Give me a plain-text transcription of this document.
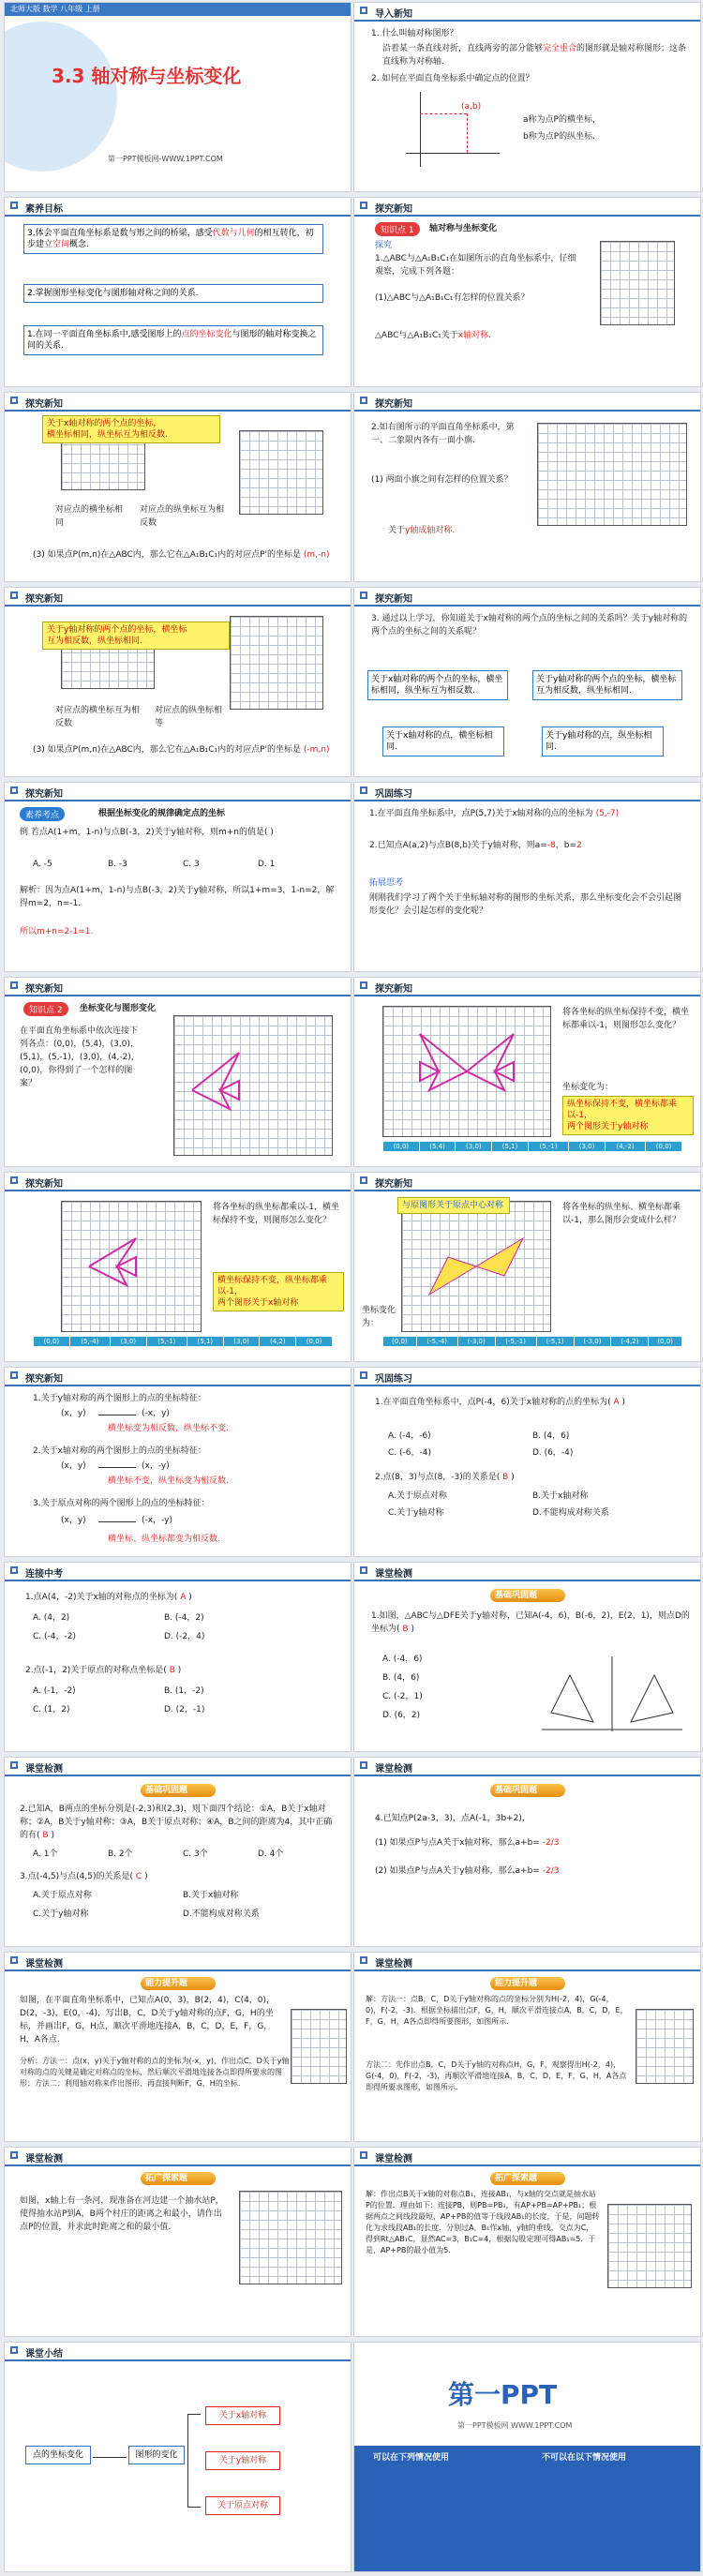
北师大版 数学 八年级 上册
3.3 轴对称与坐标变化
第一PPT模板网-WWW.1PPT.COM
导入新知
1. 什么叫轴对称图形？
沿着某一条直线对折，直线两旁的部分能够完全重合的图形就是轴对称图形；这条直线称为对称轴.
2. 如何在平面直角坐标系中确定点的位置？
(a,b)
a称为点P的横坐标，
b称为点P的纵坐标.
素养目标
3.体会平面直角坐标系是数与形之间的桥梁，感受代数与几何的相互转化，初步建立空间概念.
2.掌握图形坐标变化与图形轴对称之间的关系.
1.在同一平面直角坐标系中,感受图形上的点的坐标变化与图形的轴对称变换之间的关系.
探究新知
知识点 1	轴对称与坐标变化
探究
1.△ABC与△A₁B₁C₁在如图所示的直角坐标系中，仔细观察，完成下列各题：
(1)△ABC与△A₁B₁C₁有怎样的位置关系？
△ABC与△A₁B₁C₁关于x轴对称.
探究新知
关于x轴对称的两个点的坐标，
横坐标相同，纵坐标互为相反数.
对应点的横坐标相同
对应点的纵坐标互为相反数
(3) 如果点P(m,n)在△ABC内，那么它在△A₁B₁C₁内的对应点P'的坐标是 (m,-n)
探究新知
2.如右图所示的平面直角坐标系中，第一、二象限内各有一面小旗.
(1) 两面小旗之间有怎样的位置关系？
关于y轴成轴对称.
探究新知
关于y轴对称的两个点的坐标，横坐标
互为相反数，纵坐标相同.
对应点的横坐标互为相反数
对应点的纵坐标相等
(3) 如果点P(m,n)在△ABC内，那么它在△A₁B₁C₁内的对应点P'的坐标是 (-m,n)
探究新知
3. 通过以上学习，你知道关于x轴对称的两个点的坐标之间的关系吗？关于y轴对称的两个点的坐标之间的关系呢？
关于x轴对称的两个点的坐标，横坐标相同，纵坐标互为相反数.
关于y轴对称的两个点的坐标，横坐标互为相反数，纵坐标相同.
关于x轴对称的点，横坐标相同.
关于y轴对称的点，纵坐标相同.
探究新知
素养考点	根据坐标变化的规律确定点的坐标
例 若点A(1+m，1-n)与点B(-3，2)关于y轴对称，则m+n的值是( )
A. -5	B. -3	C. 3	D. 1
解析：因为点A(1+m，1-n)与点B(-3，2)关于y轴对称，所以1+m=3，1-n=2，解得m=2，n=-1.
所以m+n=2-1=1.
巩固练习
1.在平面直角坐标系中，点P(5,7)关于x轴对称的点的坐标为 (5,-7)
2.已知点A(a,2)与点B(8,b)关于y轴对称，则a=-8，b=2
拓展思考
刚刚我们学习了两个关于坐标轴对称的图形的坐标关系，那么坐标变化会不会引起图形变化？会引起怎样的变化呢？
探究新知
知识点 2	坐标变化与图形变化
在平面直角坐标系中依次连接下列各点：(0,0)，(5,4)，(3,0)，(5,1)，(5,-1)，(3,0)，(4,-2)，(0,0)，你得到了一个怎样的图案？
探究新知
将各坐标的纵坐标保持不变，横坐标都乘以-1，则图形怎么变化？
坐标变化为：
纵坐标保持不变，横坐标都乘以-1，
两个图形关于y轴对称
(0,0)	(5,4)	(3,0)	(5,1)	(5,-1)	(3,0)	(4,-2)	(0,0)
探究新知
将各坐标的纵坐标都乘以-1，横坐标保持不变，则图形怎么变化？
横坐标保持不变，纵坐标都乘以-1，
两个图形关于x轴对称
(0,0)	(5,-4)	(3,0)	(5,-1)	(5,1)	(3,0)	(4,2)	(0,0)
探究新知
与原图形关于原点中心对称	将各坐标的纵坐标、横坐标都乘以-1，那么图形会变成什么样？
坐标变化为：
(0,0)	(-5,-4)	(-3,0)	(-5,-1)	(-5,1)	(-3,0)	(-4,2)	(0,0)
探究新知
1.关于y轴对称的两个图形上的点的坐标特征：
(x，y)	(-x，y)
横坐标变为相反数，纵坐标不变.
2.关于x轴对称的两个图形上的点的坐标特征：
(x，y)	(x，-y)
横坐标不变，纵坐标变为相反数.
3.关于原点对称的两个图形上的点的坐标特征：
(x，y)	(-x，-y)
横坐标、纵坐标都变为相反数.
巩固练习
1.在平面直角坐标系中，点P(-4，6)关于x轴对称的点的坐标为( A )
A. (-4，-6)	B. (4，6)
C. (-6，-4)	D. (6，-4)
2.点(8，3)与点(8，-3)的关系是( B )
A.关于原点对称	B.关于x轴对称
C.关于y轴对称	D.不能构成对称关系
连接中考
1.点A(4，-2)关于x轴的对称点的坐标为( A )
A. (4，2)	B. (-4，2)
C. (-4，-2)	D. (-2，4)
2.点(-1，2)关于原点的对称点坐标是( B )
A. (-1，-2)	B. (1，-2)
C. (1，2)	D. (2，-1)
课堂检测
基础巩固题
1.如图，△ABC与△DFE关于y轴对称，已知A(-4，6)，B(-6，2)，E(2，1)，则点D的坐标为( B )
A. (-4，6)
B. (4，6)
C. (-2，1)
D. (6，2)
课堂检测
基础巩固题
2.已知A，B两点的坐标分别是(-2,3)和(2,3)，则下面四个结论：①A，B关于x轴对称；②A，B关于y轴对称；③A，B关于原点对称；④A，B之间的距离为4，其中正确的有( B )
A. 1个	B. 2个	C. 3个	D. 4个
3.点(-4,5)与点(4,5)的关系是( C )
A.关于原点对称	B.关于x轴对称
C.关于y轴对称	D.不能构成对称关系
课堂检测
基础巩固题
4.已知点P(2a-3，3)，点A(-1，3b+2)，
(1) 如果点P与点A关于x轴对称，那么a+b= -2/3
(2) 如果点P与点A关于y轴对称，那么a+b= -2/3
课堂检测
能力提升题
如图，在平面直角坐标系中，已知点A(0，3)，B(2，4)，C(4，0)，D(2，-3)，E(0，-4)．写出B，C，D关于y轴对称的点F，G，H的坐标，并画出F，G，H点，顺次平滑地连接A，B，C，D，E，F，G，H，A各点.
分析：方法一：点(x，y)关于y轴对称的点的坐标为(-x，y)，作出点C，D关于y轴对称的点的关键是确定对称点的坐标，然后顺次平滑地连接各点即得所要求的图形；方法二：利用轴对称来作出图形，再直接判断F，G，H的坐标.
课堂检测
能力提升题
解：方法一：点B，C，D关于y轴对称的点的坐标分别为H(-2，4)，G(-4，0)，F(-2，-3)．根据坐标描出点F，G，H，顺次平滑连接点A，B，C，D，E，F，G，H，A各点即得所要图形，如图所示.
方法二：先作出点B，C，D关于y轴的对称点H，G，F，观察得出H(-2，4)，G(-4，0)，F(-2，-3)，再顺次平滑地连接A，B，C，D，E，F，G，H，A各点即得所要求图形，如图所示.
课堂检测
拓广探索题
如图，x轴上有一条河，现准备在河边建一个抽水站P，使得抽水站P到A，B两个村庄的距离之和最小，请作出点P的位置，并求此时距离之和的最小值.
课堂检测
拓广探索题
解：作出点B关于x轴的对称点B₁，连接AB₁，与x轴的交点就是抽水站P的位置．理由如下：连接PB，则PB=PB₁，有AP+PB=AP+PB₁；根据两点之间线段最短，AP+PB的值等于线段AB₁的长度，于是，问题转化为求线段AB₁的长度．分别过A，B₁作x轴，y轴的垂线，交点为C，得到Rt△AB₁C，显然AC=3，B₁C=4，根据勾股定理可得AB₁=5．于是，AP+PB的最小值为5.
课堂小结
点的坐标变化	图形的变化
关于x轴对称
关于y轴对称
关于原点对称
第一PPT
第一PPT模板网 WWW.1PPT.COM
可以在下列情况使用	不可以在以下情况使用
